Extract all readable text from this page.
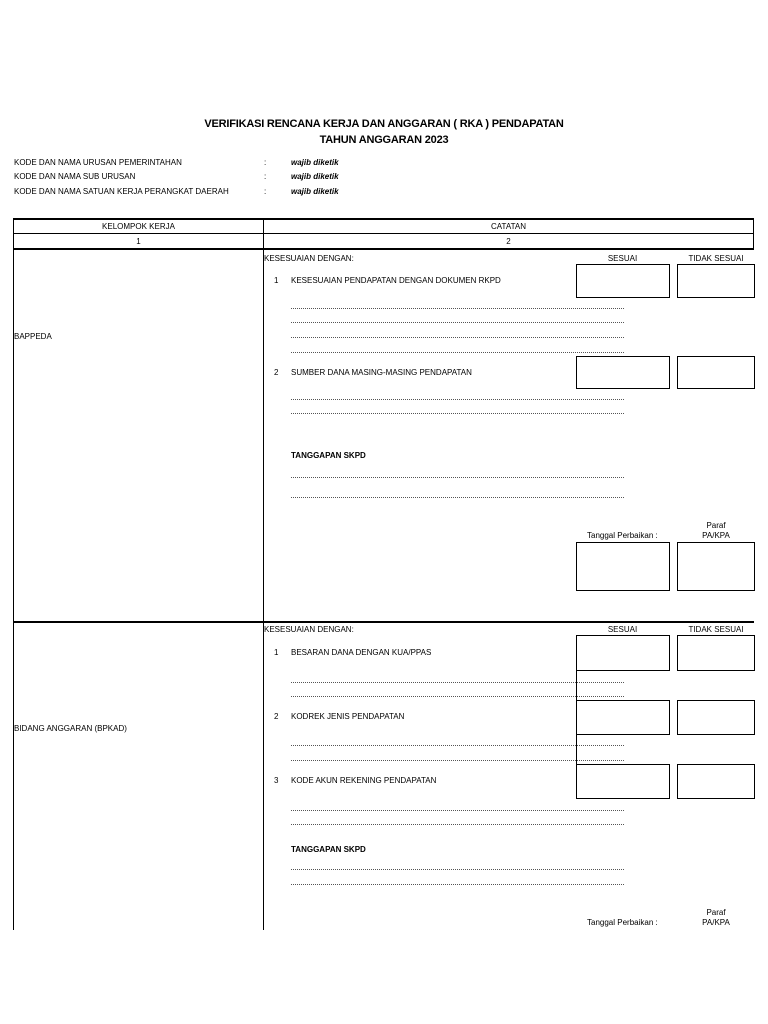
VERIFIKASI RENCANA KERJA DAN ANGGARAN ( RKA ) PENDAPATAN
TAHUN ANGGARAN 2023
KODE DAN NAMA URUSAN PEMERINTAHAN	:	wajib diketik
KODE DAN NAMA SUB URUSAN	:	wajib diketik
KODE DAN NAMA SATUAN KERJA PERANGKAT DAERAH	:	wajib diketik
KELOMPOK KERJA	CATATAN
1	2
BAPPEDA
KESESUAIAN DENGAN:	SESUAI	TIDAK SESUAI
1 KESESUAIAN PENDAPATAN DENGAN DOKUMEN RKPD
2 SUMBER DANA MASING-MASING PENDAPATAN
TANGGAPAN SKPD
Tanggal Perbaikan :
Paraf
PA/KPA
BIDANG ANGGARAN (BPKAD)
KESESUAIAN DENGAN:	SESUAI	TIDAK SESUAI
1 BESARAN DANA DENGAN KUA/PPAS
2 KODREK JENIS PENDAPATAN
3 KODE AKUN REKENING PENDAPATAN
TANGGAPAN SKPD
Tanggal Perbaikan :
Paraf
PA/KPA
